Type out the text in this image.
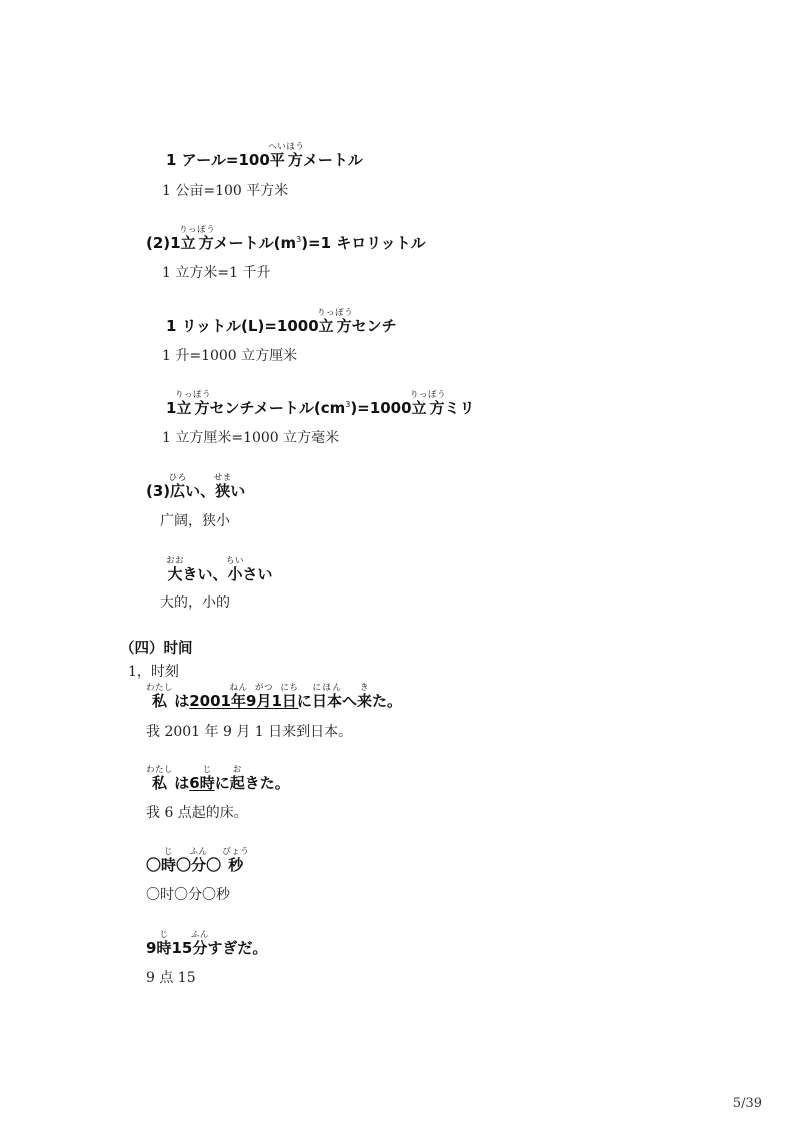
1 アール=100平方へいほうメートル
1 公亩=100 平方米
(2)1立方りっぽうメートル$(m^3)=1$ キロリットル
1 立方米=1 千升
1 リットル(L)=1000立方りっぽうセンチ
1 升=1000 立方厘米
1立方りっぽうセンチメートル$(cm^3)=1000$立方りっぽうミリ
1 立方厘米=1000 立方毫米
(3)広ひろい、狭せまい
广阔，狭小
大おおきい、小ちいさい
大的，小的
（四）时间
1，时刻
私わたし は2001年ねん9月がつ1日にちに日本にほんへ来きた。
我 2001 年 9 月 1 日来到日本。
私わたし は6時じに起おきた。
我 6 点起的床。
〇時じ〇分ふん〇 秒びょう
〇时〇分〇秒
9時じ15分ふんすぎだ。
9 点 15
5/39
